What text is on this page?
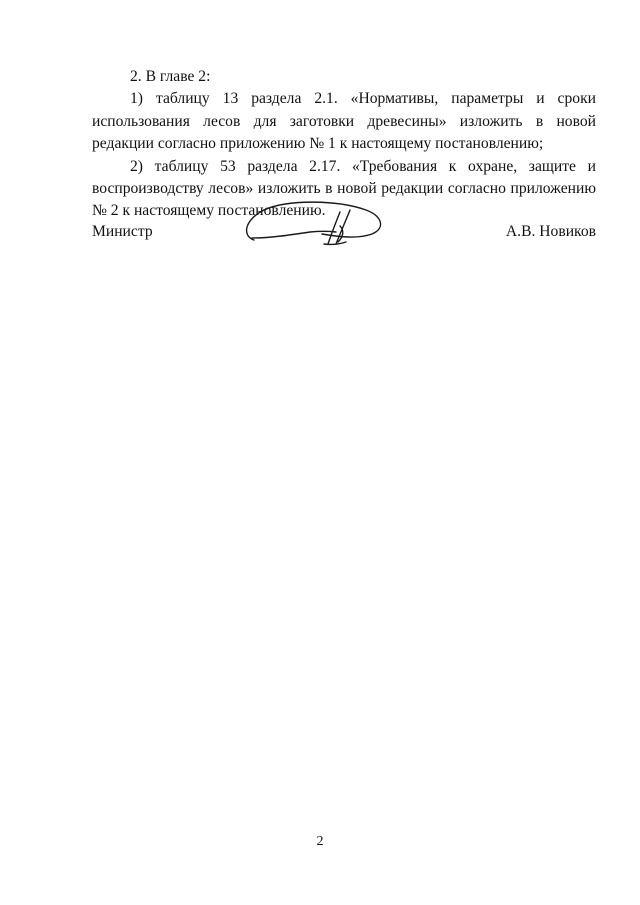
2. В главе 2:

1) таблицу 13 раздела 2.1. «Нормативы, параметры и сроки использования лесов для заготовки древесины» изложить в новой редакции согласно приложению № 1 к настоящему постановлению;

2) таблицу 53 раздела 2.17. «Требования к охране, защите и воспроизводству лесов» изложить в новой редакции согласно приложению № 2 к настоящему постановлению.

Министр	А.В. Новиков
2
